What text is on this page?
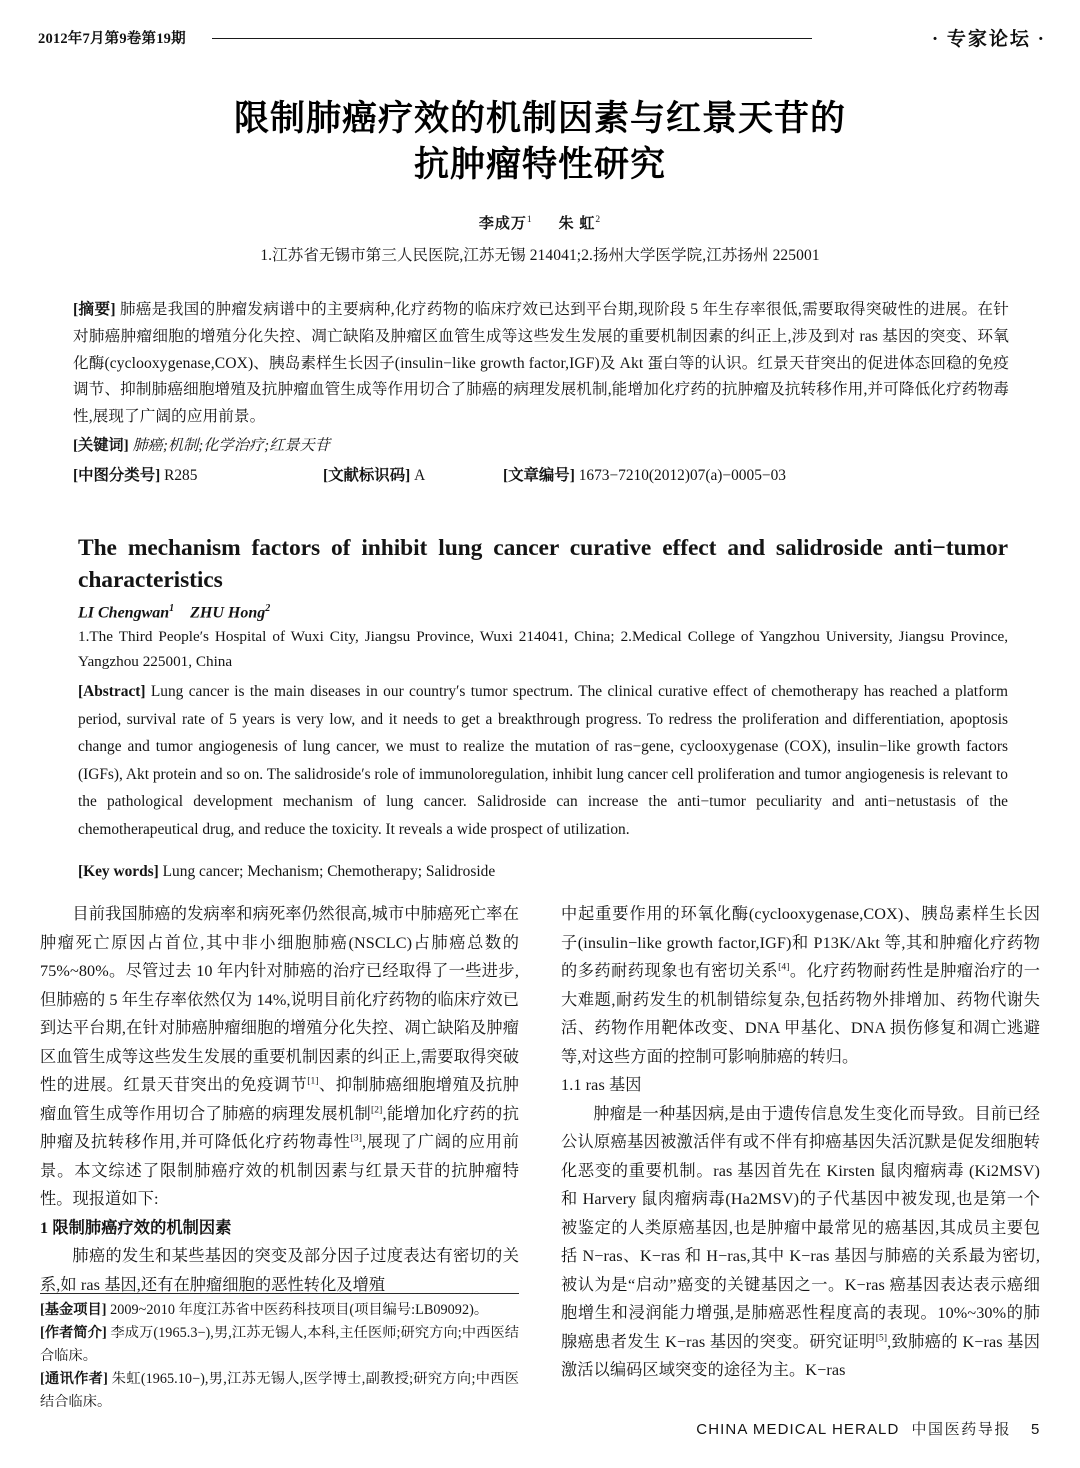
2012年7月第9卷第19期	· 专家论坛 ·
限制肺癌疗效的机制因素与红景天苷的
抗肿瘤特性研究
李成万$^1$ 朱 虹$^2$
1.江苏省无锡市第三人民医院,江苏无锡 214041;2.扬州大学医学院,江苏扬州 225001

[摘要] 肺癌是我国的肿瘤发病谱中的主要病种,化疗药物的临床疗效已达到平台期,现阶段 5 年生存率很低,需要取得突破性的进展。在针对肺癌肿瘤细胞的增殖分化失控、凋亡缺陷及肿瘤区血管生成等这些发生发展的重要机制因素的纠正上,涉及到对 ras 基因的突变、环氧化酶(cyclooxygenase,COX)、胰岛素样生长因子(insulin−like growth factor,IGF)及 Akt 蛋白等的认识。红景天苷突出的促进体态回稳的免疫调节、抑制肺癌细胞增殖及抗肿瘤血管生成等作用切合了肺癌的病理发展机制,能增加化疗药的抗肿瘤及抗转移作用,并可降低化疗药物毒性,展现了广阔的应用前景。

[关键词] 肺癌;机制;化学治疗;红景天苷
[中图分类号] R285	[文献标识码] A	[文章编号] 1673−7210(2012)07(a)−0005−03

The mechanism factors of inhibit lung cancer curative effect and salidroside anti−tumor characteristics

LI Chengwan$^1$ ZHU Hong$^2$
1.The Third People′s Hospital of Wuxi City, Jiangsu Province, Wuxi 214041, China; 2.Medical College of Yangzhou University, Jiangsu Province, Yangzhou 225001, China

[Abstract] Lung cancer is the main diseases in our country′s tumor spectrum. The clinical curative effect of chemotherapy has reached a platform period, survival rate of 5 years is very low, and it needs to get a breakthrough progress. To redress the proliferation and differentiation, apoptosis change and tumor angiogenesis of lung cancer, we must to realize the mutation of ras−gene, cyclooxygenase (COX), insulin−like growth factors (IGFs), Akt protein and so on. The salidroside′s role of immunoloregulation, inhibit lung cancer cell proliferation and tumor angiogenesis is relevant to the pathological development mechanism of lung cancer. Salidroside can increase the anti−tumor peculiarity and anti−netustasis of the chemotherapeutical drug, and reduce the toxicity. It reveals a wide prospect of utilization.

[Key words] Lung cancer; Mechanism; Chemotherapy; Salidroside

目前我国肺癌的发病率和病死率仍然很高,城市中肺癌死亡率在肿瘤死亡原因占首位,其中非小细胞肺癌(NSCLC)占肺癌总数的 75%~80%。尽管过去 10 年内针对肺癌的治疗已经取得了一些进步,但肺癌的 5 年生存率依然仅为 14%,说明目前化疗药物的临床疗效已到达平台期,在针对肺癌肿瘤细胞的增殖分化失控、凋亡缺陷及肿瘤区血管生成等这些发生发展的重要机制因素的纠正上,需要取得突破性的进展。红景天苷突出的免疫调节[1]、抑制肺癌细胞增殖及抗肿瘤血管生成等作用切合了肺癌的病理发展机制[2],能增加化疗药的抗肿瘤及抗转移作用,并可降低化疗药物毒性[3],展现了广阔的应用前景。本文综述了限制肺癌疗效的机制因素与红景天苷的抗肿瘤特性。现报道如下:

1 限制肺癌疗效的机制因素

肺癌的发生和某些基因的突变及部分因子过度表达有密切的关系,如 ras 基因,还有在肿瘤细胞的恶性转化及增殖

中起重要作用的环氧化酶(cyclooxygenase,COX)、胰岛素样生长因子(insulin−like growth factor,IGF)和 P13K/Akt 等,其和肿瘤化疗药物的多药耐药现象也有密切关系[4]。化疗药物耐药性是肿瘤治疗的一大难题,耐药发生的机制错综复杂,包括药物外排增加、药物代谢失活、药物作用靶体改变、DNA 甲基化、DNA 损伤修复和凋亡逃避等,对这些方面的控制可影响肺癌的转归。

1.1 ras 基因

肿瘤是一种基因病,是由于遗传信息发生变化而导致。目前已经公认原癌基因被激活伴有或不伴有抑癌基因失活沉默是促发细胞转化恶变的重要机制。ras 基因首先在 Kirsten 鼠肉瘤病毒 (Ki2MSV) 和 Harvery 鼠肉瘤病毒(Ha2MSV)的子代基因中被发现,也是第一个被鉴定的人类原癌基因,也是肿瘤中最常见的癌基因,其成员主要包括 N−ras、K−ras 和 H−ras,其中 K−ras 基因与肺癌的关系最为密切,被认为是“启动”癌变的关键基因之一。K−ras 癌基因表达表示癌细胞增生和浸润能力增强,是肺癌恶性程度高的表现。10%~30%的肺腺癌患者发生 K−ras 基因的突变。研究证明[5],致肺癌的 K−ras 基因激活以编码区域突变的途径为主。K−ras

[基金项目] 2009~2010 年度江苏省中医药科技项目(项目编号:LB09092)。

[作者简介] 李成万(1965.3−),男,江苏无锡人,本科,主任医师;研究方向;中西医结合临床。

[通讯作者] 朱虹(1965.10−),男,江苏无锡人,医学博士,副教授;研究方向;中西医结合临床。

CHINA MEDICAL HERALD 中国医药导报 5
